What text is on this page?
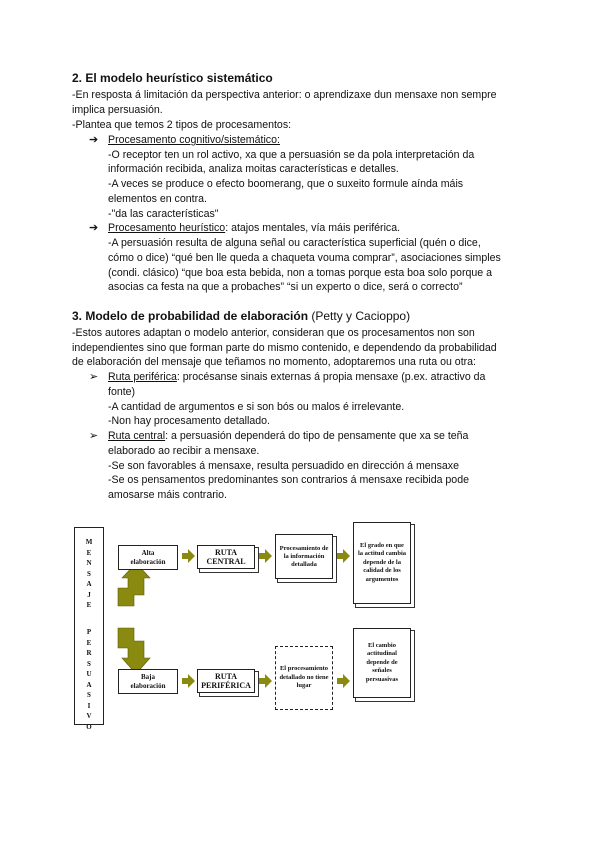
2. El modelo heurístico sistemático
-En resposta á limitación da perspectiva anterior: o aprendizaxe dun mensaxe non sempre
implica persuasión.
-Plantea que temos 2 tipos de procesamentos:
➔ Procesamento cognitivo/sistemático:
-O receptor ten un rol activo, xa que a persuasión se da pola interpretación da
información recibida, analiza moitas características e detalles.
-A veces se produce o efecto boomerang, que o suxeito formule aínda máis
elementos en contra.
-"da las características"
➔ Procesamento heurístico: atajos mentales, vía máis periférica.
-A persuasión resulta de alguna señal ou característica superficial (quén o dice,
cómo o dice) “qué ben lle queda a chaqueta vouma comprar”, asociaciones simples
(condi. clásico) “que boa esta bebida, non a tomas porque esta boa solo porque a
asocias ca festa na que a probaches” “si un experto o dice, será o correcto”
3. Modelo de probabilidad de elaboración (Petty y Cacioppo)
-Estos autores adaptan o modelo anterior, consideran que os procesamentos non son
independientes sino que forman parte do mismo contenido, e dependendo da probabilidad
de elaboración del mensaje que teñamos no momento, adoptaremos una ruta ou otra:
➢ Ruta periférica: procésanse sinais externas á propia mensaxe (p.ex. atractivo da
fonte)
-A cantidad de argumentos e si son bós ou malos é irrelevante.
-Non hay procesamento detallado.
➢ Ruta central: a persuasión dependerá do tipo de pensamente que xa se teña
elaborado ao recibir a mensaxe.
-Se son favorables á mensaxe, resulta persuadido en dirección á mensaxe
-Se os pensamentos predominantes son contrarios á mensaxe recibida pode
amosarse máis contrario.
M
E
N
S
A
J
E
P
E
R
S
U
A
S
I
V
O
Alta elaboración
RUTA CENTRAL
Procesamiento de la información detallada
El grado en que la actitud cambia depende de la calidad de los argumentos
Baja elaboración
RUTA PERIFÉRICA
El procesamiento detallado no tiene lugar
El cambio actitudinal depende de señales persuasivas
